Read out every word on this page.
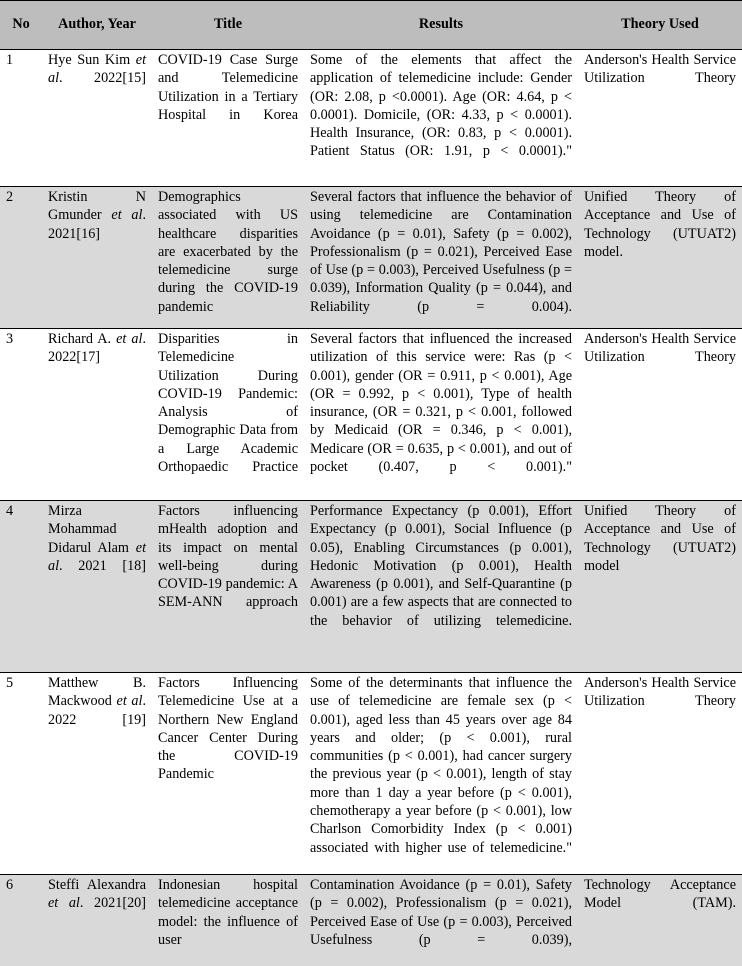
No	Author, Year	Title	Results	Theory Used
1	Hye Sun Kim et al. 2022[15]	COVID-19 Case Surge and Telemedicine Utilization in a Tertiary Hospital in Korea	Some of the elements that affect the application of telemedicine include: Gender (OR: 2.08, p <0.0001). Age (OR: 4.64, p < 0.0001). Domicile, (OR: 4.33, p < 0.0001). Health Insurance, (OR: 0.83, p < 0.0001). Patient Status (OR: 1.91, p < 0.0001)."	Anderson's Health Service Utilization Theory
2	Kristin N Gmunder et al. 2021[16]	Demographics associated with US healthcare disparities are exacerbated by the telemedicine surge during the COVID-19 pandemic	Several factors that influence the behavior of using telemedicine are Contamination Avoidance (p = 0.01), Safety (p = 0.002), Professionalism (p = 0.021), Perceived Ease of Use (p = 0.003), Perceived Usefulness (p = 0.039), Information Quality (p = 0.044), and Reliability (p = 0.004).	Unified Theory of Acceptance and Use of Technology (UTUAT2) model.
3	Richard A. et al. 2022[17]	Disparities in Telemedicine Utilization During COVID-19 Pandemic: Analysis of Demographic Data from a Large Academic Orthopaedic Practice	Several factors that influenced the increased utilization of this service were: Ras (p < 0.001), gender (OR = 0.911, p < 0.001), Age (OR = 0.992, p < 0.001), Type of health insurance, (OR = 0.321, p < 0.001, followed by Medicaid (OR = 0.346, p < 0.001), Medicare (OR = 0.635, p < 0.001), and out of pocket (0.407, p < 0.001)."	Anderson's Health Service Utilization Theory
4	Mirza Mohammad Didarul Alam et al. 2021 [18]	Factors influencing mHealth adoption and its impact on mental well-being during COVID-19 pandemic: A SEM-ANN approach	Performance Expectancy (p 0.001), Effort Expectancy (p 0.001), Social Influence (p 0.05), Enabling Circumstances (p 0.001), Hedonic Motivation (p 0.001), Health Awareness (p 0.001), and Self-Quarantine (p 0.001) are a few aspects that are connected to the behavior of utilizing telemedicine.	Unified Theory of Acceptance and Use of Technology (UTUAT2) model
5	Matthew B. Mackwood et al. 2022 [19]	Factors Influencing Telemedicine Use at a Northern New England Cancer Center During the COVID-19 Pandemic	Some of the determinants that influence the use of telemedicine are female sex (p < 0.001), aged less than 45 years over age 84 years and older; (p < 0.001), rural communities (p < 0.001), had cancer surgery the previous year (p < 0.001), length of stay more than 1 day a year before (p < 0.001), chemotherapy a year before (p < 0.001), low Charlson Comorbidity Index (p < 0.001) associated with higher use of telemedicine."	Anderson's Health Service Utilization Theory
6	Steffi Alexandra et al. 2021[20]	Indonesian hospital telemedicine acceptance model: the influence of user	Contamination Avoidance (p = 0.01), Safety (p = 0.002), Professionalism (p = 0.021), Perceived Ease of Use (p = 0.003), Perceived Usefulness (p = 0.039),	Technology Acceptance Model (TAM).
